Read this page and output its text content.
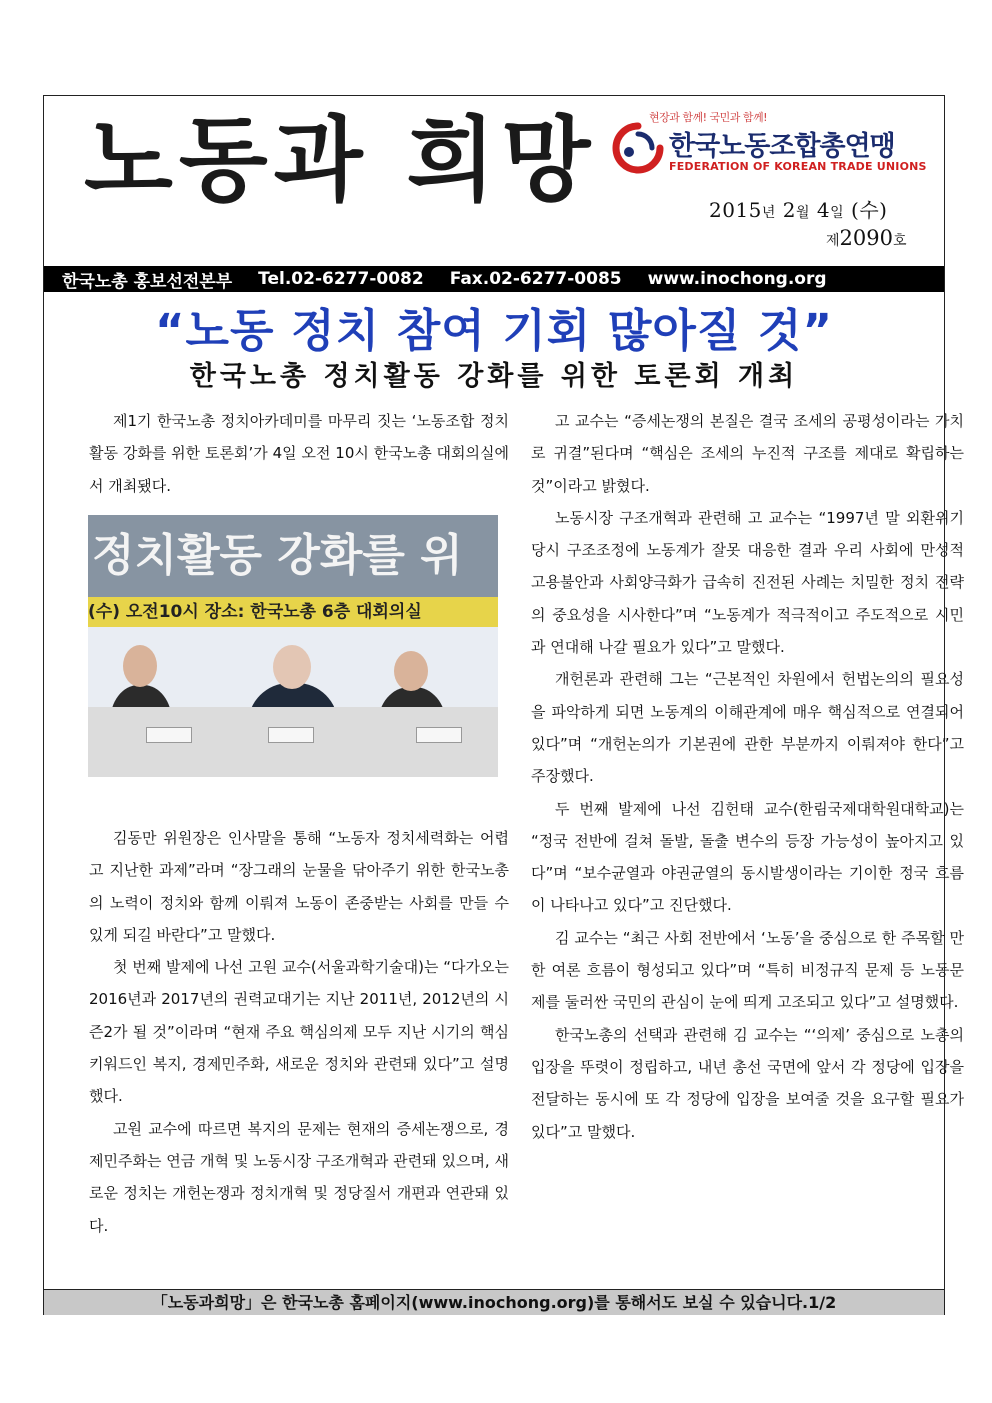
노동과 희망	현장과 함께! 국민과 함께!
한국노동조합총연맹
FEDERATION OF KOREAN TRADE UNIONS
2015년 2월 4일 (수)
제2090호
한국노총 홍보선전본부 Tel.02-6277-0082 Fax.02-6277-0085 www.inochong.org
“노동 정치 참여 기회 많아질 것”
한국노총 정치활동 강화를 위한 토론회 개최

제1기 한국노총 정치아카데미를 마무리 짓는 ‘노동조합 정치활동 강화를 위한 토론회’가 4일 오전 10시 한국노총 대회의실에서 개최됐다.

정치활동 강화를 위
(수) 오전10시 장소: 한국노총 6층 대회의실

김동만 위원장은 인사말을 통해 “노동자 정치세력화는 어렵고 지난한 과제”라며 “장그래의 눈물을 닦아주기 위한 한국노총의 노력이 정치와 함께 이뤄져 노동이 존중받는 사회를 만들 수 있게 되길 바란다”고 말했다.

첫 번째 발제에 나선 고원 교수(서울과학기술대)는 “다가오는 2016년과 2017년의 권력교대기는 지난 2011년, 2012년의 시즌2가 될 것”이라며 “현재 주요 핵심의제 모두 지난 시기의 핵심 키워드인 복지, 경제민주화, 새로운 정치와 관련돼 있다”고 설명했다.

고원 교수에 따르면 복지의 문제는 현재의 증세논쟁으로, 경제민주화는 연금 개혁 및 노동시장 구조개혁과 관련돼 있으며, 새로운 정치는 개헌논쟁과 정치개혁 및 정당질서 개편과 연관돼 있다.

고 교수는 “증세논쟁의 본질은 결국 조세의 공평성이라는 가치로 귀결”된다며 “핵심은 조세의 누진적 구조를 제대로 확립하는 것”이라고 밝혔다.

노동시장 구조개혁과 관련해 고 교수는 “1997년 말 외환위기 당시 구조조정에 노동계가 잘못 대응한 결과 우리 사회에 만성적 고용불안과 사회양극화가 급속히 진전된 사례는 치밀한 정치 전략의 중요성을 시사한다”며 “노동계가 적극적이고 주도적으로 시민과 연대해 나갈 필요가 있다”고 말했다.

개헌론과 관련해 그는 “근본적인 차원에서 헌법논의의 필요성을 파악하게 되면 노동계의 이해관계에 매우 핵심적으로 연결되어 있다”며 “개헌논의가 기본권에 관한 부분까지 이뤄져야 한다”고 주장했다.

두 번째 발제에 나선 김헌태 교수(한림국제대학원대학교)는 “정국 전반에 걸쳐 돌발, 돌출 변수의 등장 가능성이 높아지고 있다”며 “보수균열과 야권균열의 동시발생이라는 기이한 정국 흐름이 나타나고 있다”고 진단했다.

김 교수는 “최근 사회 전반에서 ‘노동’을 중심으로 한 주목할 만한 여론 흐름이 형성되고 있다”며 “특히 비정규직 문제 등 노동문제를 둘러싼 국민의 관심이 눈에 띄게 고조되고 있다”고 설명했다.

한국노총의 선택과 관련해 김 교수는 “‘의제’ 중심으로 노총의 입장을 뚜렷이 정립하고, 내년 총선 국면에 앞서 각 정당에 입장을 전달하는 동시에 또 각 정당에 입장을 보여줄 것을 요구할 필요가 있다”고 말했다.

「노동과희망」은 한국노총 홈페이지(www.inochong.org)를 통해서도 보실 수 있습니다.1/2
